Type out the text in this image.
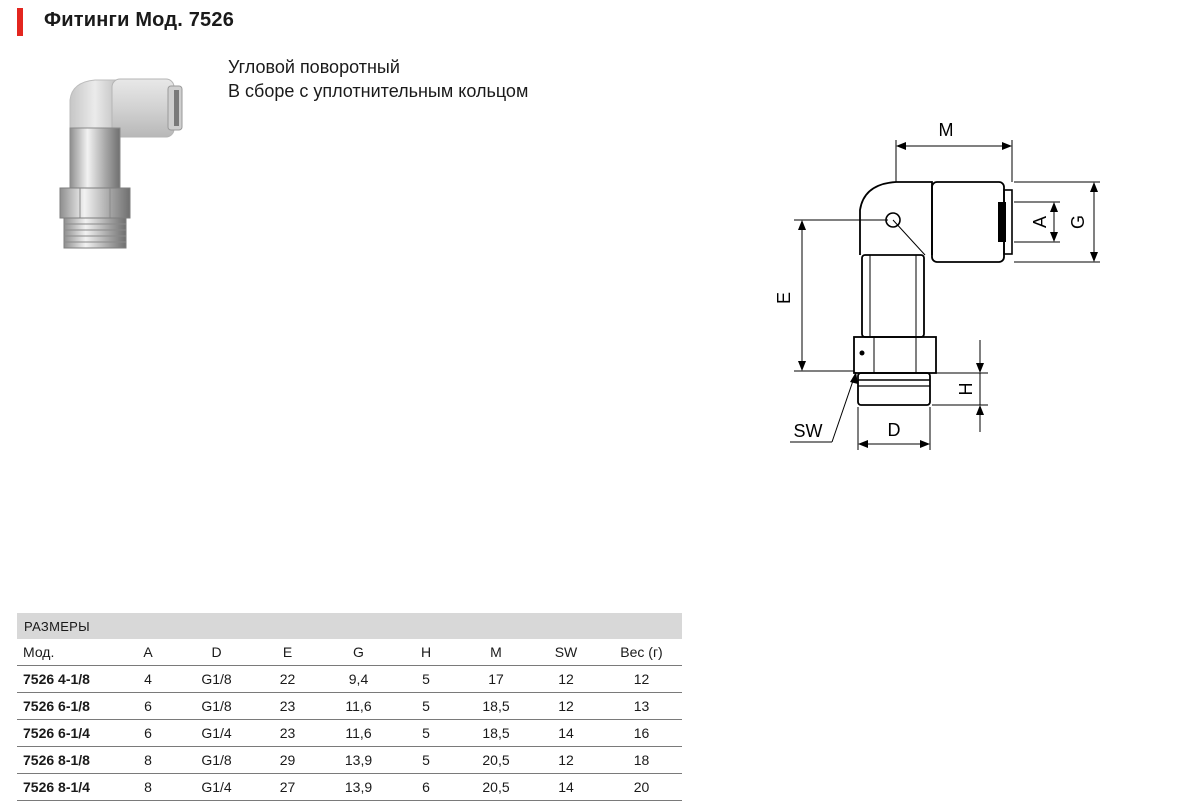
Фитинги Мод. 7526
Угловой поворотный
В сборе с уплотнительным кольцом
M
A G
E
H
D
SW
РАЗМЕРЫ
Мод.	A	D	E	G	H	M	SW	Вес (г)
7526 4-1/8	4	G1/8	22	9,4	5	17	12	12
7526 6-1/8	6	G1/8	23	11,6	5	18,5	12	13
7526 6-1/4	6	G1/4	23	11,6	5	18,5	14	16
7526 8-1/8	8	G1/8	29	13,9	5	20,5	12	18
7526 8-1/4	8	G1/4	27	13,9	6	20,5	14	20
